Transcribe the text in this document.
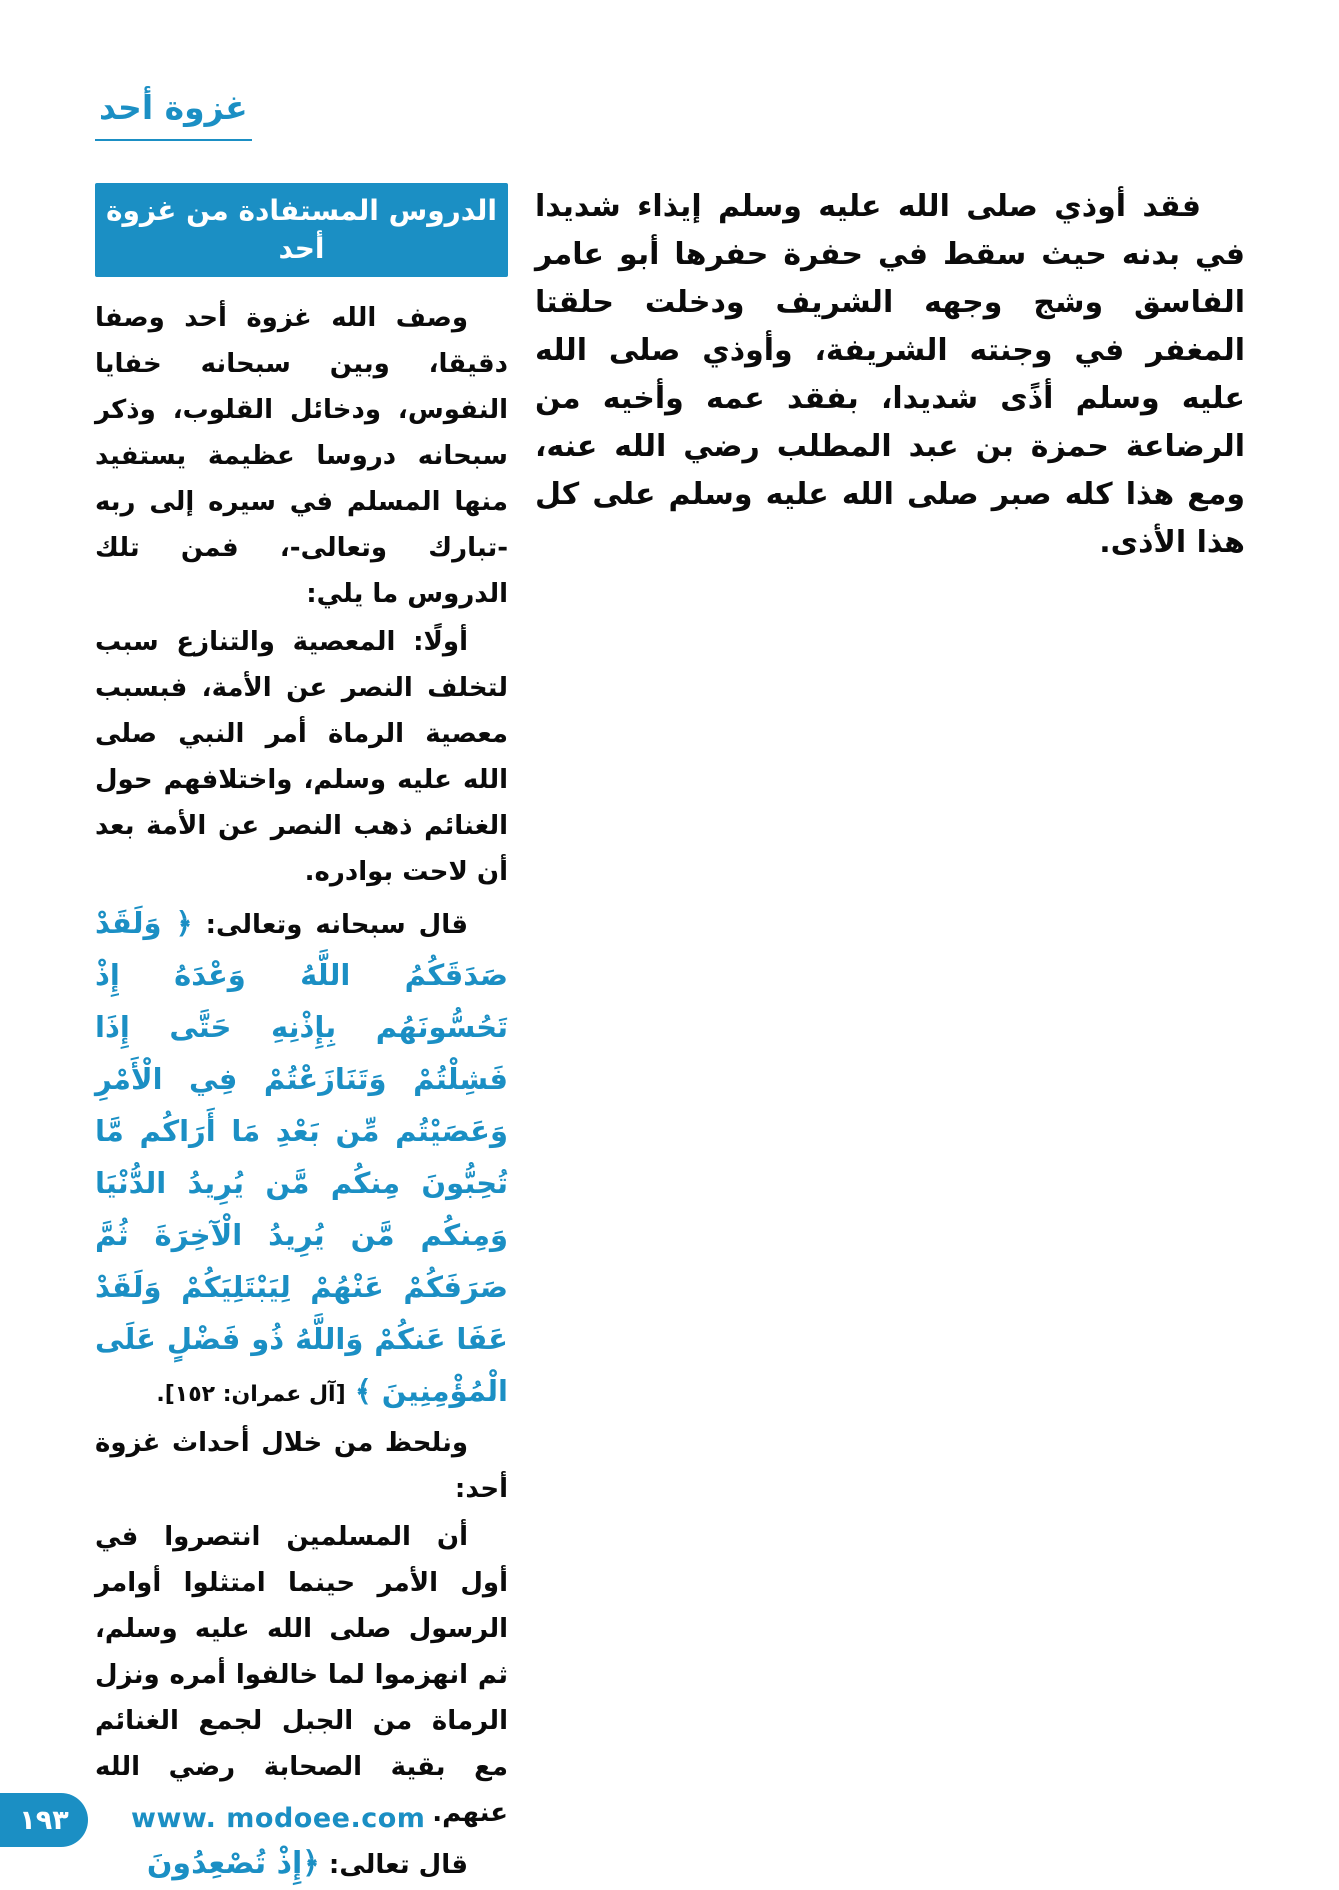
غزوة أحد

فقد أوذي صلى الله عليه وسلم إيذاء شديدا في بدنه حيث سقط في حفرة حفرها أبو عامر الفاسق وشج وجهه الشريف ودخلت حلقتا المغفر في وجنته الشريفة، وأوذي صلى الله عليه وسلم أذًى شديدا، بفقد عمه وأخيه من الرضاعة حمزة بن عبد المطلب رضي الله عنه، ومع هذا كله صبر صلى الله عليه وسلم على كل هذا الأذى.

الدروس المستفادة من غزوة أحد

وصف الله غزوة أحد وصفا دقيقا، وبين سبحانه خفايا النفوس، ودخائل القلوب، وذكر سبحانه دروسا عظيمة يستفيد منها المسلم في سيره إلى ربه -تبارك وتعالى-، فمن تلك الدروس ما يلي:

أولًا: المعصية والتنازع سبب لتخلف النصر عن الأمة، فبسبب معصية الرماة أمر النبي صلى الله عليه وسلم، واختلافهم حول الغنائم ذهب النصر عن الأمة بعد أن لاحت بوادره.

قال سبحانه وتعالى: ﴿ وَلَقَدْ صَدَقَكُمُ اللَّهُ وَعْدَهُ إِذْ تَحُسُّونَهُم بِإِذْنِهِ حَتَّى إِذَا فَشِلْتُمْ وَتَنَازَعْتُمْ فِي الْأَمْرِ وَعَصَيْتُم مِّن بَعْدِ مَا أَرَاكُم مَّا تُحِبُّونَ مِنكُم مَّن يُرِيدُ الدُّنْيَا وَمِنكُم مَّن يُرِيدُ الْآخِرَةَ ثُمَّ صَرَفَكُمْ عَنْهُمْ لِيَبْتَلِيَكُمْ وَلَقَدْ عَفَا عَنكُمْ وَاللَّهُ ذُو فَضْلٍ عَلَى الْمُؤْمِنِينَ ﴾ [آل عمران: ١٥٢].

ونلحظ من خلال أحداث غزوة أحد:

أن المسلمين انتصروا في أول الأمر حينما امتثلوا أوامر الرسول صلى الله عليه وسلم، ثم انهزموا لما خالفوا أمره ونزل الرماة من الجبل لجمع الغنائم مع بقية الصحابة رضي الله عنهم.

قال تعالى: ﴿إِذْ تُصْعِدُونَ

١٩٣ www. modoee.com
